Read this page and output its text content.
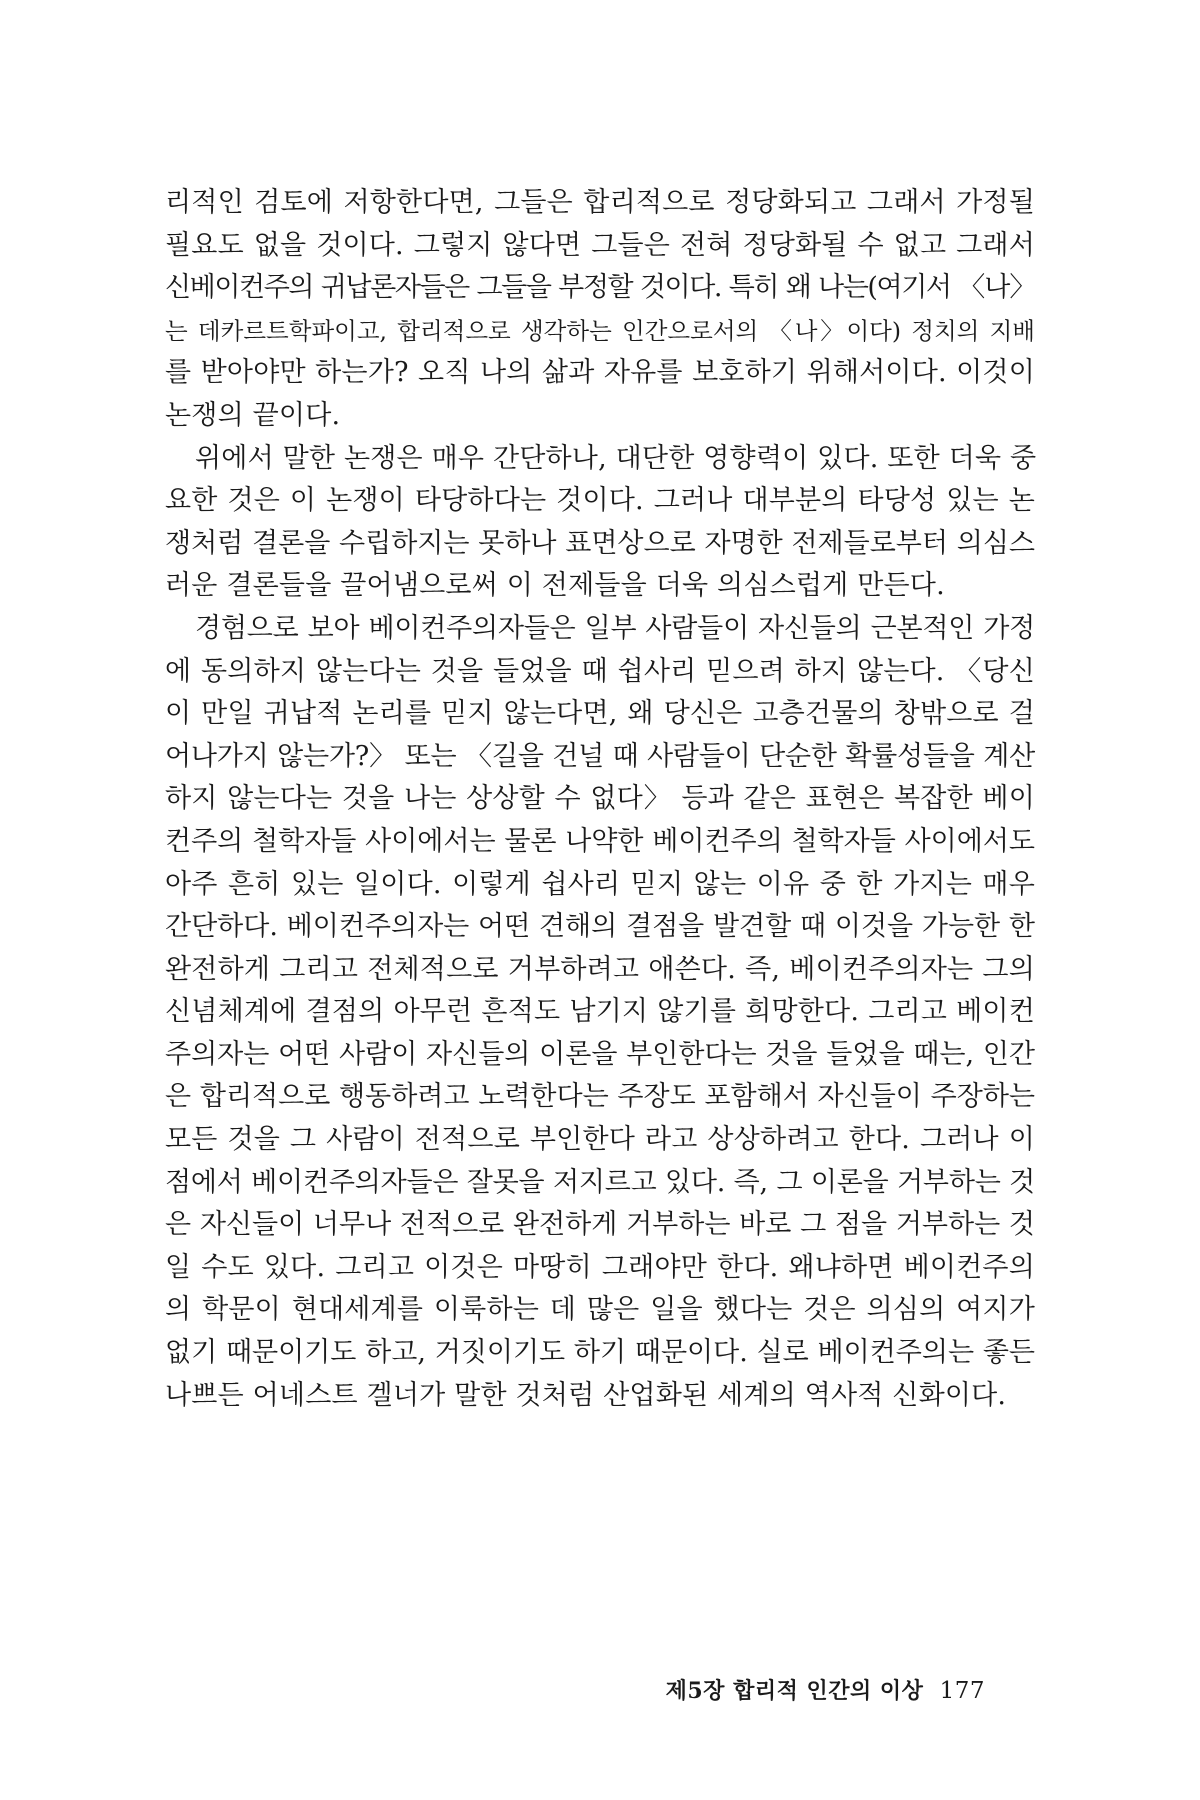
리적인 검토에 저항한다면, 그들은 합리적으로 정당화되고 그래서 가정될
필요도 없을 것이다. 그렇지 않다면 그들은 전혀 정당화될 수 없고 그래서
신베이컨주의 귀납론자들은 그들을 부정할 것이다. 특히 왜 나는(여기서 〈나〉
는 데카르트학파이고, 합리적으로 생각하는 인간으로서의 〈나〉이다) 정치의 지배
를 받아야만 하는가? 오직 나의 삶과 자유를 보호하기 위해서이다. 이것이
논쟁의 끝이다.
위에서 말한 논쟁은 매우 간단하나, 대단한 영향력이 있다. 또한 더욱 중
요한 것은 이 논쟁이 타당하다는 것이다. 그러나 대부분의 타당성 있는 논
쟁처럼 결론을 수립하지는 못하나 표면상으로 자명한 전제들로부터 의심스
러운 결론들을 끌어냄으로써 이 전제들을 더욱 의심스럽게 만든다.
경험으로 보아 베이컨주의자들은 일부 사람들이 자신들의 근본적인 가정
에 동의하지 않는다는 것을 들었을 때 쉽사리 믿으려 하지 않는다. 〈당신
이 만일 귀납적 논리를 믿지 않는다면, 왜 당신은 고층건물의 창밖으로 걸
어나가지 않는가?〉 또는 〈길을 건널 때 사람들이 단순한 확률성들을 계산
하지 않는다는 것을 나는 상상할 수 없다〉 등과 같은 표현은 복잡한 베이
컨주의 철학자들 사이에서는 물론 나약한 베이컨주의 철학자들 사이에서도
아주 흔히 있는 일이다. 이렇게 쉽사리 믿지 않는 이유 중 한 가지는 매우
간단하다. 베이컨주의자는 어떤 견해의 결점을 발견할 때 이것을 가능한 한
완전하게 그리고 전체적으로 거부하려고 애쓴다. 즉, 베이컨주의자는 그의
신념체계에 결점의 아무런 흔적도 남기지 않기를 희망한다. 그리고 베이컨
주의자는 어떤 사람이 자신들의 이론을 부인한다는 것을 들었을 때는, 인간
은 합리적으로 행동하려고 노력한다는 주장도 포함해서 자신들이 주장하는
모든 것을 그 사람이 전적으로 부인한다 라고 상상하려고 한다. 그러나 이
점에서 베이컨주의자들은 잘못을 저지르고 있다. 즉, 그 이론을 거부하는 것
은 자신들이 너무나 전적으로 완전하게 거부하는 바로 그 점을 거부하는 것
일 수도 있다. 그리고 이것은 마땅히 그래야만 한다. 왜냐하면 베이컨주의
의 학문이 현대세계를 이룩하는 데 많은 일을 했다는 것은 의심의 여지가
없기 때문이기도 하고, 거짓이기도 하기 때문이다. 실로 베이컨주의는 좋든
나쁘든 어네스트 겔너가 말한 것처럼 산업화된 세계의 역사적 신화이다.
제5장 합리적 인간의 이상 177
